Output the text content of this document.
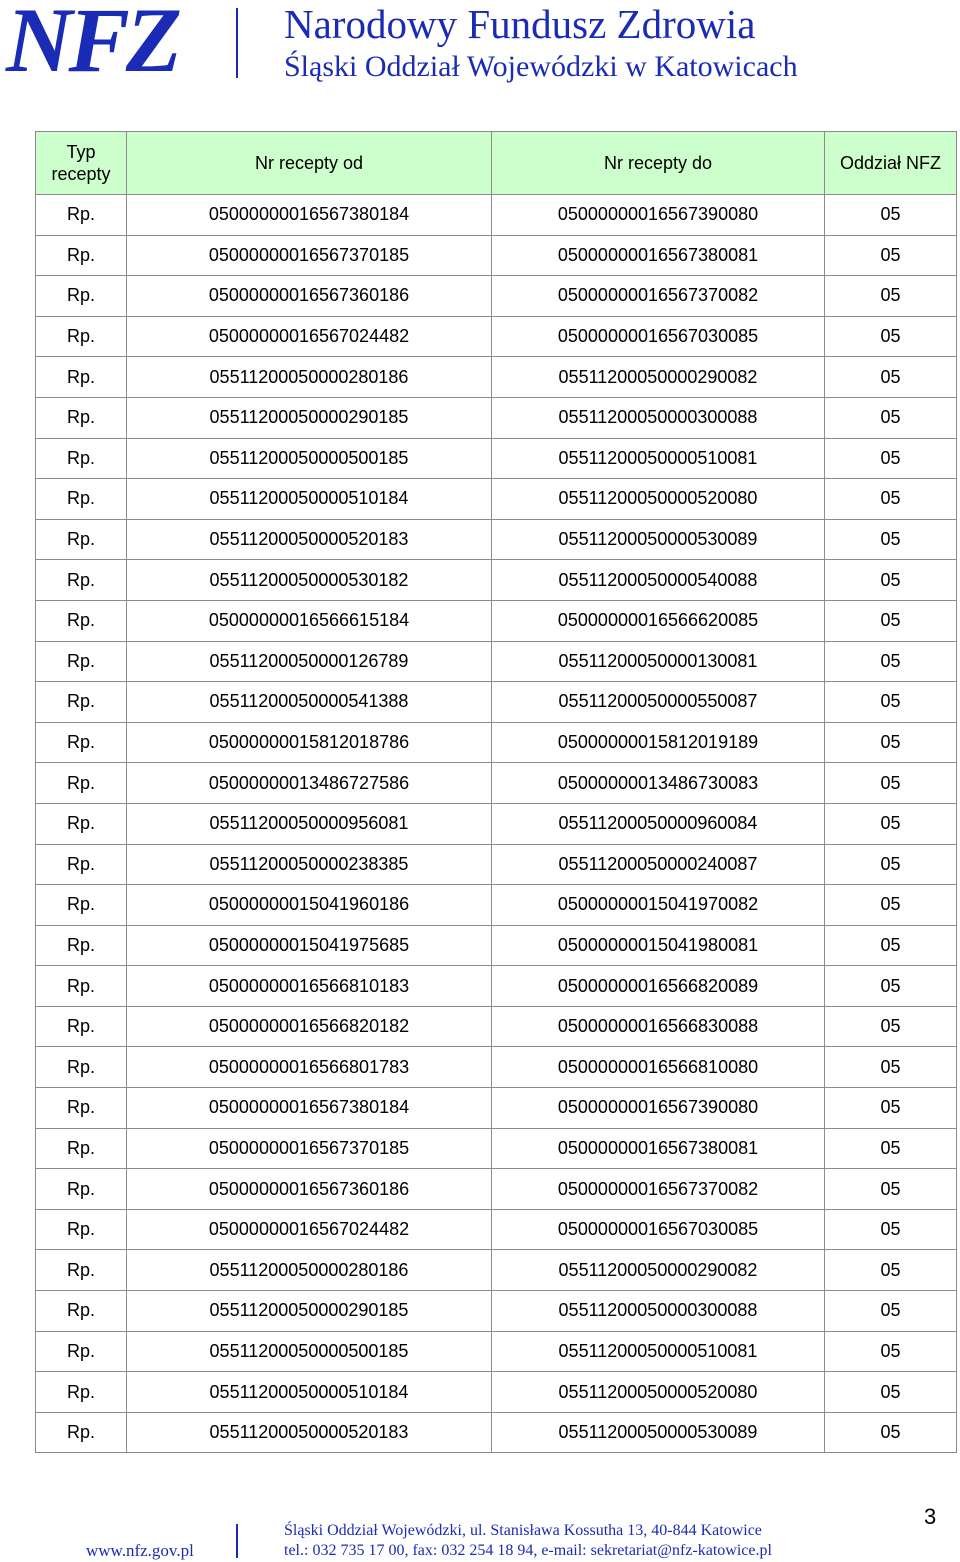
NFZ	Narodowy Fundusz Zdrowia
Śląski Oddział Wojewódzki w Katowicach
Typ recepty	Nr recepty od	Nr recepty do	Oddział NFZ
Rp.	05000000016567380184	05000000016567390080	05
Rp.	05000000016567370185	05000000016567380081	05
Rp.	05000000016567360186	05000000016567370082	05
Rp.	05000000016567024482	05000000016567030085	05
Rp.	05511200050000280186	05511200050000290082	05
Rp.	05511200050000290185	05511200050000300088	05
Rp.	05511200050000500185	05511200050000510081	05
Rp.	05511200050000510184	05511200050000520080	05
Rp.	05511200050000520183	05511200050000530089	05
Rp.	05511200050000530182	05511200050000540088	05
Rp.	05000000016566615184	05000000016566620085	05
Rp.	05511200050000126789	05511200050000130081	05
Rp.	05511200050000541388	05511200050000550087	05
Rp.	05000000015812018786	05000000015812019189	05
Rp.	05000000013486727586	05000000013486730083	05
Rp.	05511200050000956081	05511200050000960084	05
Rp.	05511200050000238385	05511200050000240087	05
Rp.	05000000015041960186	05000000015041970082	05
Rp.	05000000015041975685	05000000015041980081	05
Rp.	05000000016566810183	05000000016566820089	05
Rp.	05000000016566820182	05000000016566830088	05
Rp.	05000000016566801783	05000000016566810080	05
Rp.	05000000016567380184	05000000016567390080	05
Rp.	05000000016567370185	05000000016567380081	05
Rp.	05000000016567360186	05000000016567370082	05
Rp.	05000000016567024482	05000000016567030085	05
Rp.	05511200050000280186	05511200050000290082	05
Rp.	05511200050000290185	05511200050000300088	05
Rp.	05511200050000500185	05511200050000510081	05
Rp.	05511200050000510184	05511200050000520080	05
Rp.	05511200050000520183	05511200050000530089	05
www.nfz.gov.pl
Śląski Oddział Wojewódzki, ul. Stanisława Kossutha 13, 40-844 Katowice
tel.: 032 735 17 00, fax: 032 254 18 94, e-mail: sekretariat@nfz-katowice.pl
3
